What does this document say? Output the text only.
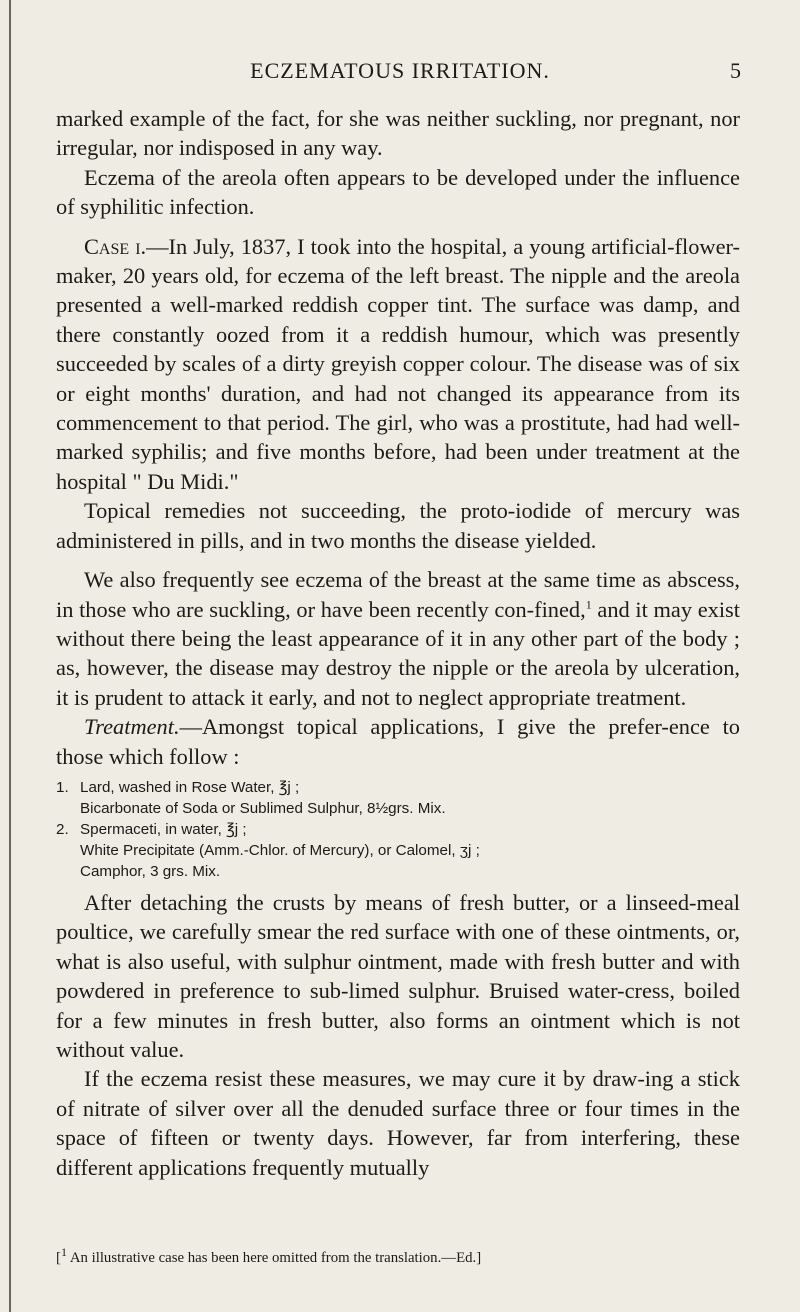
ECZEMATOUS IRRITATION.	5

marked example of the fact, for she was neither suckling, nor pregnant, nor irregular, nor indisposed in any way.

Eczema of the areola often appears to be developed under the influence of syphilitic infection.

Case i.—In July, 1837, I took into the hospital, a young artificial-flower-maker, 20 years old, for eczema of the left breast. The nipple and the areola presented a well-marked reddish copper tint. The surface was damp, and there constantly oozed from it a reddish humour, which was presently succeeded by scales of a dirty greyish copper colour. The disease was of six or eight months' duration, and had not changed its appearance from its commencement to that period. The girl, who was a prostitute, had had well-marked syphilis; and five months before, had been under treatment at the hospital " Du Midi."

Topical remedies not succeeding, the proto-iodide of mercury was administered in pills, and in two months the disease yielded.

We also frequently see eczema of the breast at the same time as abscess, in those who are suckling, or have been recently con-fined,$^1$ and it may exist without there being the least appearance of it in any other part of the body ; as, however, the disease may destroy the nipple or the areola by ulceration, it is prudent to attack it early, and not to neglect appropriate treatment.

Treatment.—Amongst topical applications, I give the prefer-ence to those which follow :

1. Lard, washed in Rose Water, ℥j ;
Bicarbonate of Soda or Sublimed Sulphur, 8½grs. Mix.
2. Spermaceti, in water, ℥j ;
White Precipitate (Amm.-Chlor. of Mercury), or Calomel, ʒj ;
Camphor, 3 grs. Mix.

After detaching the crusts by means of fresh butter, or a linseed-meal poultice, we carefully smear the red surface with one of these ointments, or, what is also useful, with sulphur ointment, made with fresh butter and with powdered in preference to sub-limed sulphur. Bruised water-cress, boiled for a few minutes in fresh butter, also forms an ointment which is not without value.

If the eczema resist these measures, we may cure it by draw-ing a stick of nitrate of silver over all the denuded surface three or four times in the space of fifteen or twenty days. However, far from interfering, these different applications frequently mutually

[$^1$ An illustrative case has been here omitted from the translation.—Ed.]
